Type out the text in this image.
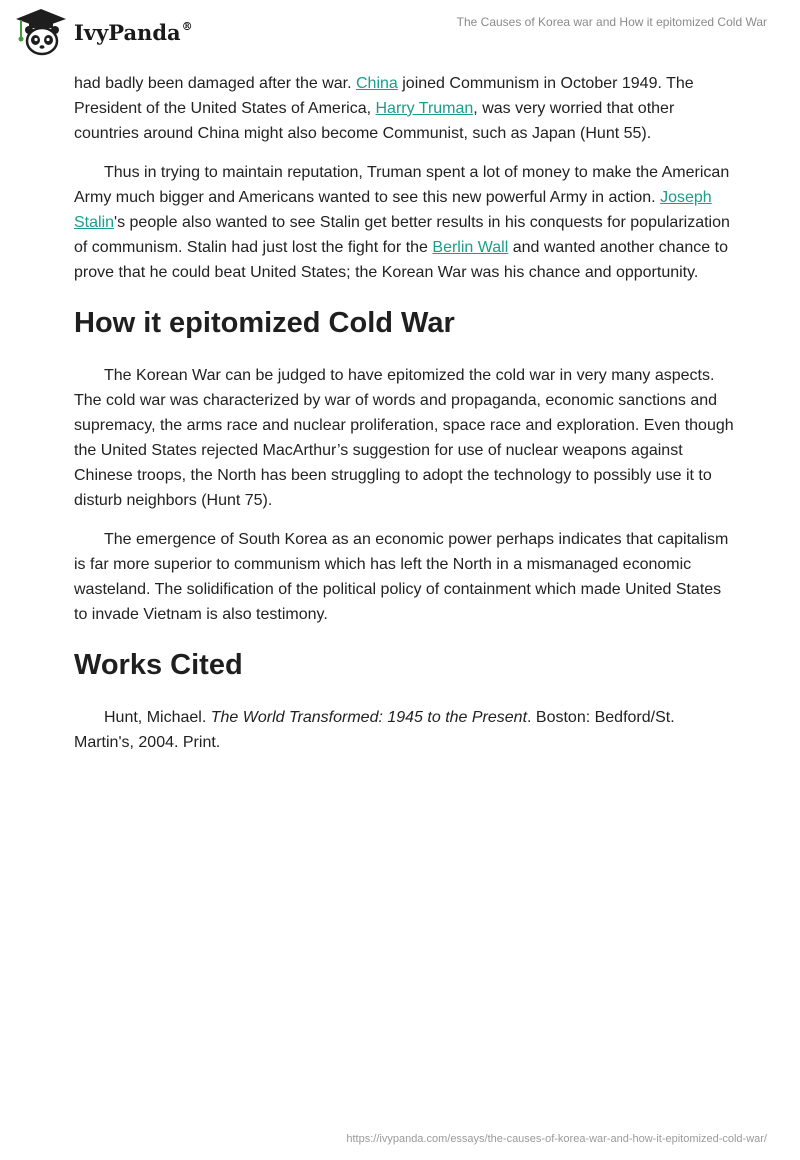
IvyPanda®	The Causes of Korea war and How it epitomized Cold War

had badly been damaged after the war. China joined Communism in October 1949. The President of the United States of America, Harry Truman, was very worried that other countries around China might also become Communist, such as Japan (Hunt 55).

Thus in trying to maintain reputation, Truman spent a lot of money to make the American Army much bigger and Americans wanted to see this new powerful Army in action. Joseph Stalin's people also wanted to see Stalin get better results in his conquests for popularization of communism. Stalin had just lost the fight for the Berlin Wall and wanted another chance to prove that he could beat United States; the Korean War was his chance and opportunity.

How it epitomized Cold War

The Korean War can be judged to have epitomized the cold war in very many aspects. The cold war was characterized by war of words and propaganda, economic sanctions and supremacy, the arms race and nuclear proliferation, space race and exploration. Even though the United States rejected MacArthur’s suggestion for use of nuclear weapons against Chinese troops, the North has been struggling to adopt the technology to possibly use it to disturb neighbors (Hunt 75).

The emergence of South Korea as an economic power perhaps indicates that capitalism is far more superior to communism which has left the North in a mismanaged economic wasteland. The solidification of the political policy of containment which made United States to invade Vietnam is also testimony.

Works Cited

Hunt, Michael. The World Transformed: 1945 to the Present. Boston: Bedford/St. Martin's, 2004. Print.

https://ivypanda.com/essays/the-causes-of-korea-war-and-how-it-epitomized-cold-war/
